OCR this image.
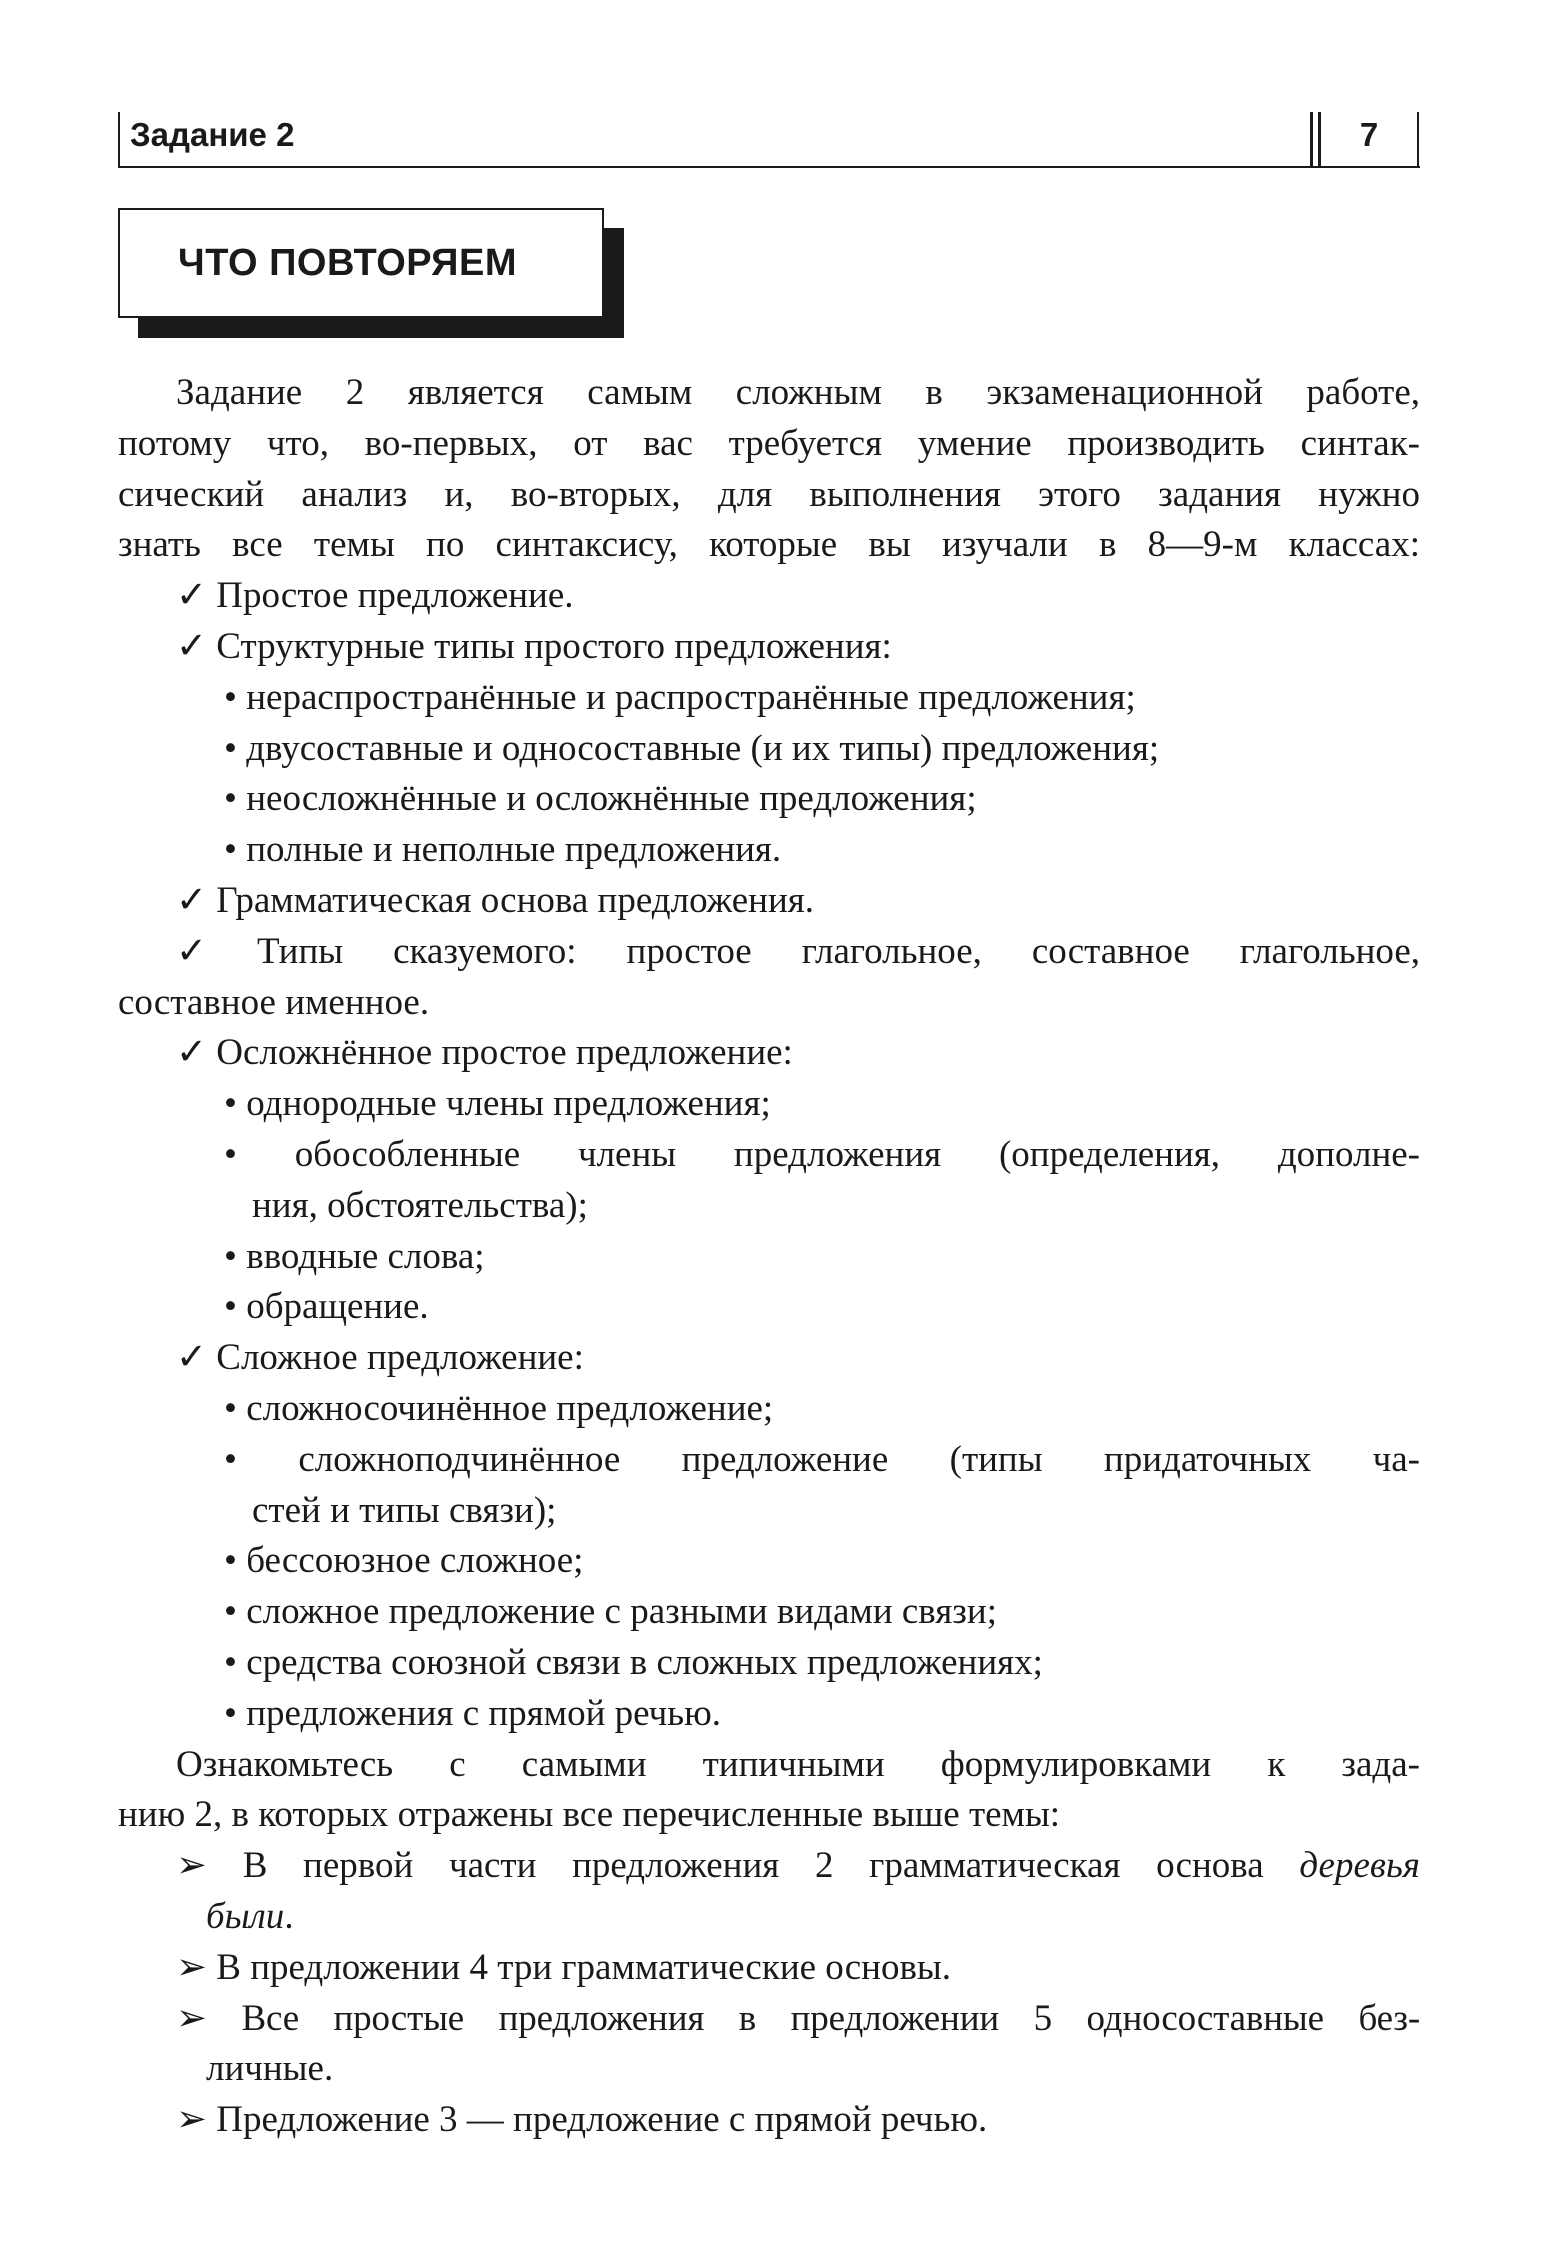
Задание 2	7
ЧТО ПОВТОРЯЕМ
Задание 2 является самым сложным в экзаменационной работе,
потому что, во-первых, от вас требуется умение производить синтак-
сический анализ и, во-вторых, для выполнения этого задания нужно
знать все темы по синтаксису, которые вы изучали в 8—9-м классах:
✓ Простое предложение.
✓ Структурные типы простого предложения:
• нераспространённые и распространённые предложения;
• двусоставные и односоставные (и их типы) предложения;
• неосложнённые и осложнённые предложения;
• полные и неполные предложения.
✓ Грамматическая основа предложения.
✓ Типы сказуемого: простое глагольное, составное глагольное,
составное именное.
✓ Осложнённое простое предложение:
• однородные члены предложения;
• обособленные члены предложения (определения, дополне-
ния, обстоятельства);
• вводные слова;
• обращение.
✓ Сложное предложение:
• сложносочинённое предложение;
• сложноподчинённое предложение (типы придаточных ча-
стей и типы связи);
• бессоюзное сложное;
• сложное предложение с разными видами связи;
• средства союзной связи в сложных предложениях;
• предложения с прямой речью.
Ознакомьтесь с самыми типичными формулировками к зада-
нию 2, в которых отражены все перечисленные выше темы:
➢ В первой части предложения 2 грамматическая основа деревья
были.
➢ В предложении 4 три грамматические основы.
➢ Все простые предложения в предложении 5 односоставные без-
личные.
➢ Предложение 3 — предложение с прямой речью.
